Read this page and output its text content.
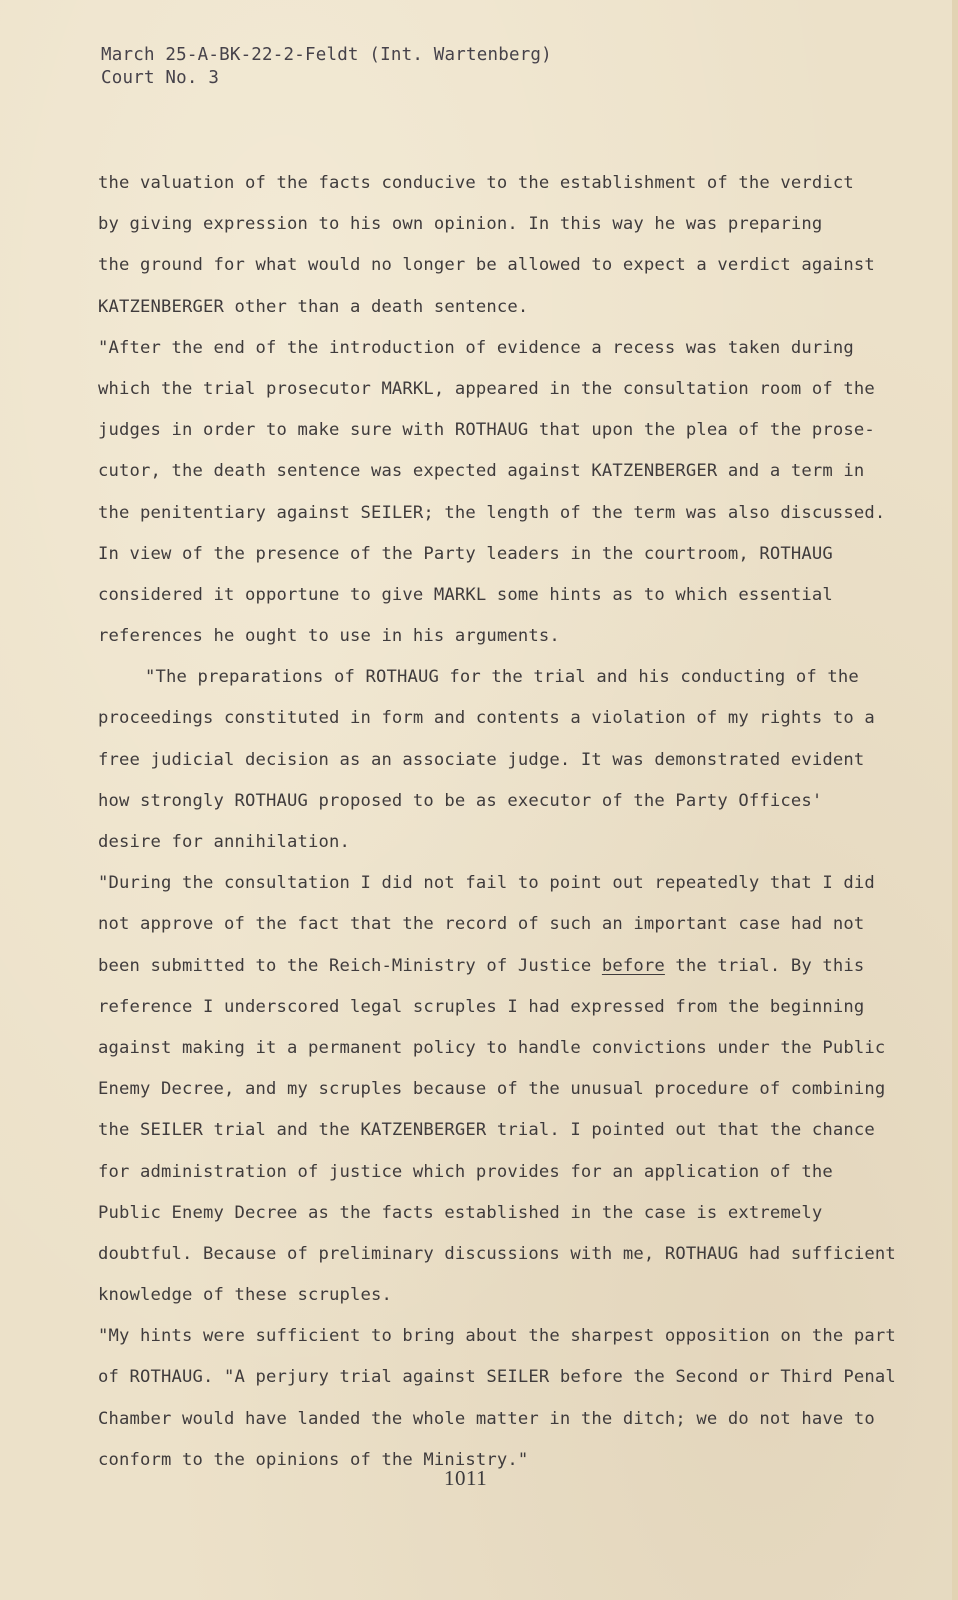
March 25-A-BK-22-2-Feldt (Int. Wartenberg)
Court No. 3
the valuation of the facts conducive to the establishment of the verdict
by giving expression to his own opinion. In this way he was preparing
the ground for what would no longer be allowed to expect a verdict against
KATZENBERGER other than a death sentence.
"After the end of the introduction of evidence a recess was taken during
which the trial prosecutor MARKL, appeared in the consultation room of the
judges in order to make sure with ROTHAUG that upon the plea of the prose-
cutor, the death sentence was expected against KATZENBERGER and a term in
the penitentiary against SEILER; the length of the term was also discussed.
In view of the presence of the Party leaders in the courtroom, ROTHAUG
considered it opportune to give MARKL some hints as to which essential
references he ought to use in his arguments.
"The preparations of ROTHAUG for the trial and his conducting of the
proceedings constituted in form and contents a violation of my rights to a
free judicial decision as an associate judge. It was demonstrated evident
how strongly ROTHAUG proposed to be as executor of the Party Offices'
desire for annihilation.
"During the consultation I did not fail to point out repeatedly that I did
not approve of the fact that the record of such an important case had not
been submitted to the Reich-Ministry of Justice before the trial. By this
reference I underscored legal scruples I had expressed from the beginning
against making it a permanent policy to handle convictions under the Public
Enemy Decree, and my scruples because of the unusual procedure of combining
the SEILER trial and the KATZENBERGER trial. I pointed out that the chance
for administration of justice which provides for an application of the
Public Enemy Decree as the facts established in the case is extremely
doubtful. Because of preliminary discussions with me, ROTHAUG had sufficient
knowledge of these scruples.
"My hints were sufficient to bring about the sharpest opposition on the part
of ROTHAUG. "A perjury trial against SEILER before the Second or Third Penal
Chamber would have landed the whole matter in the ditch; we do not have to
conform to the opinions of the Ministry."
1011
